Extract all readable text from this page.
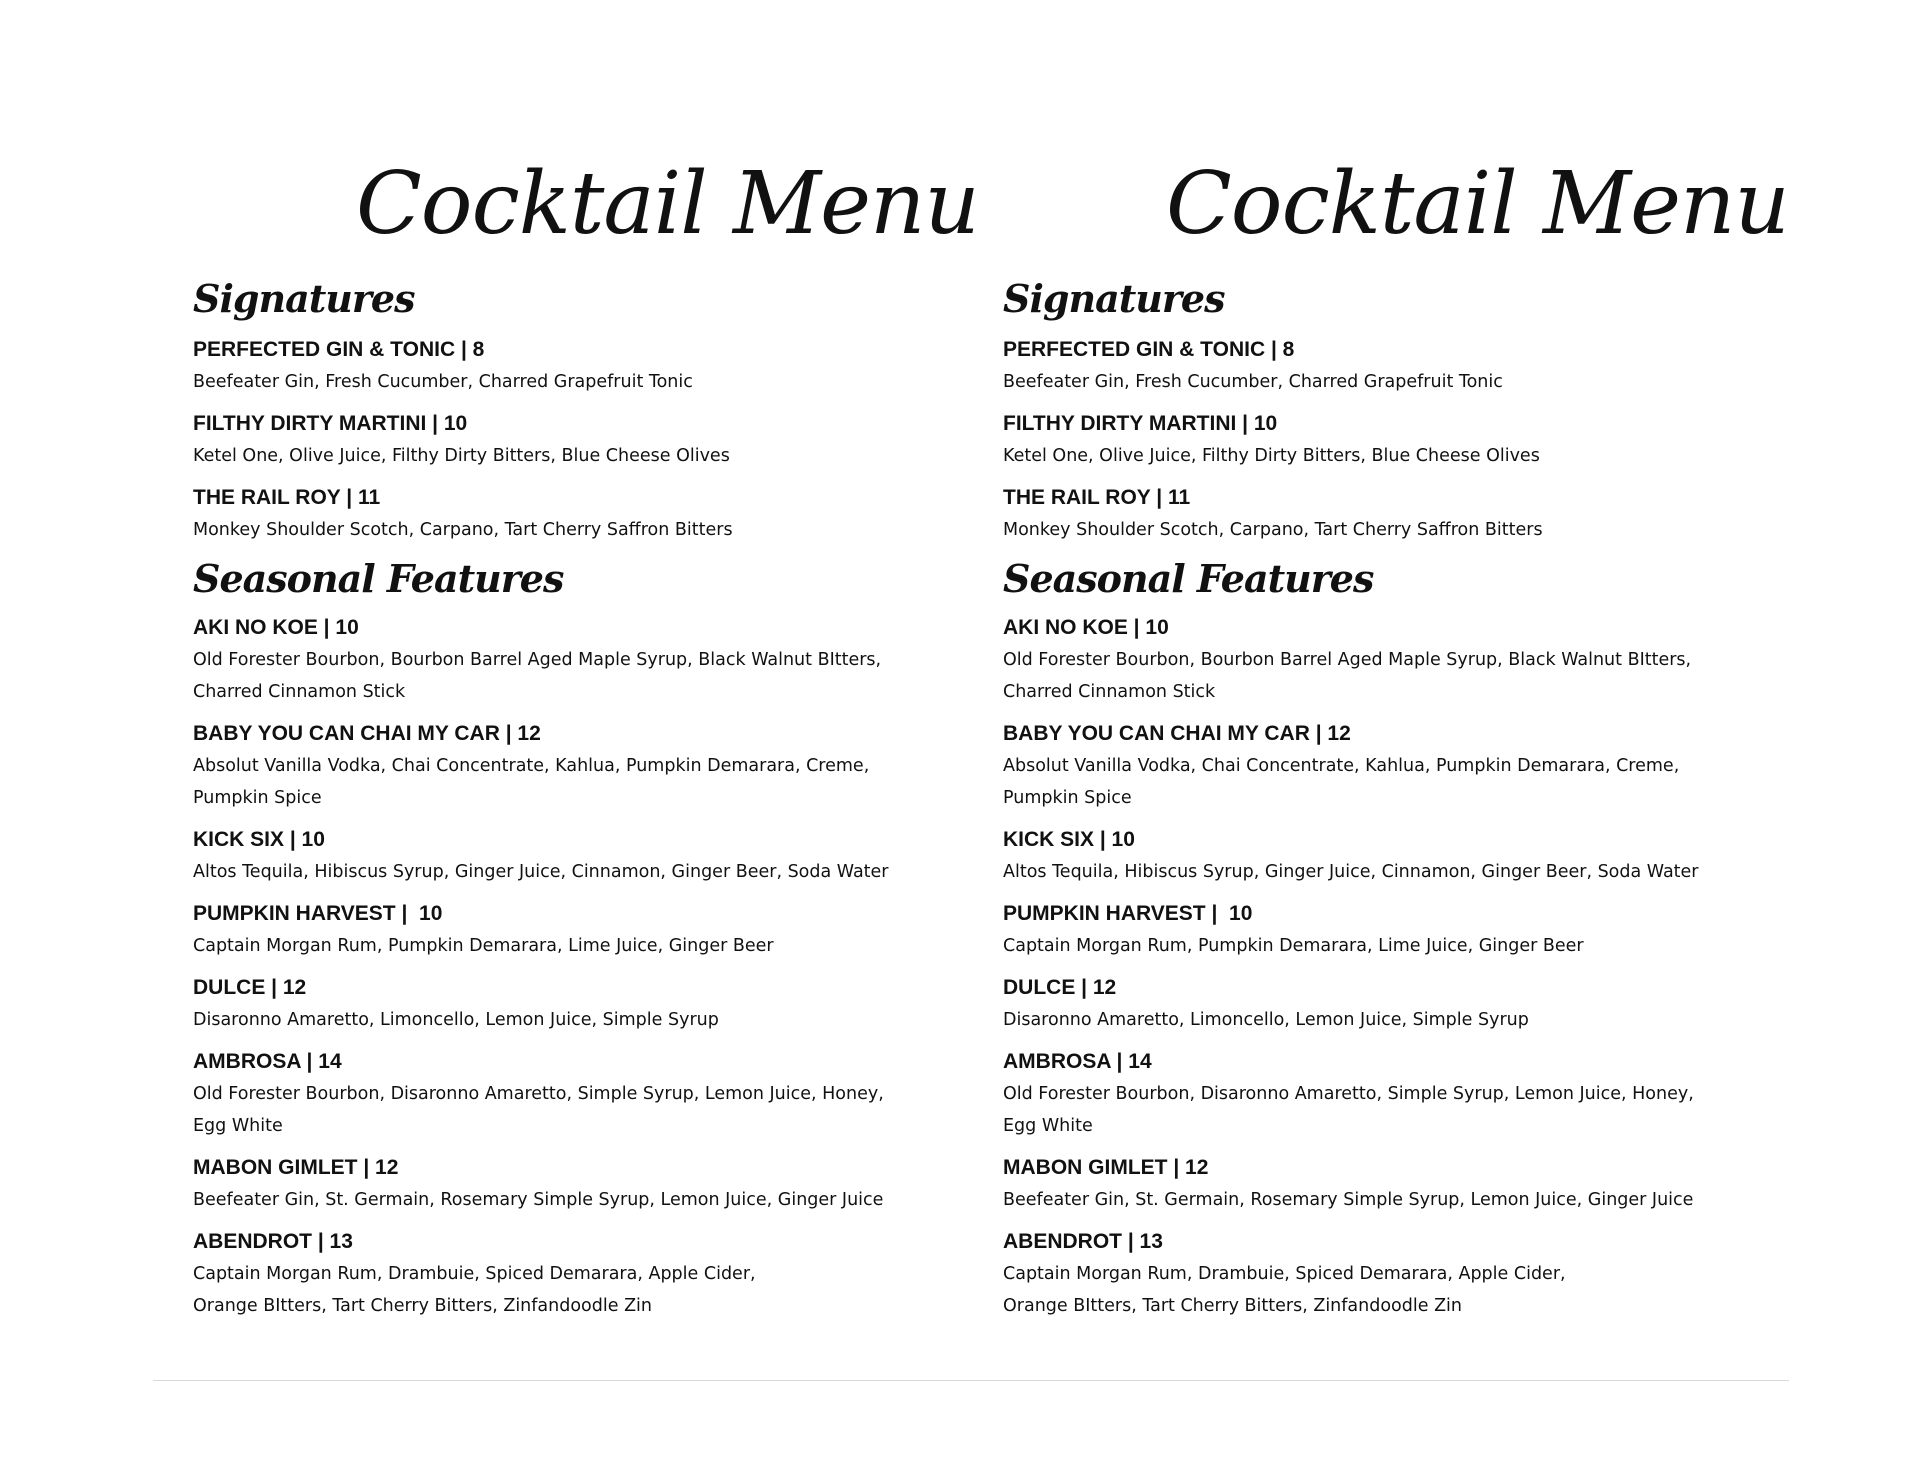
Cocktail Menu
Signatures
PERFECTED GIN & TONIC | 8
Beefeater Gin, Fresh Cucumber, Charred Grapefruit Tonic
FILTHY DIRTY MARTINI | 10
Ketel One, Olive Juice, Filthy Dirty Bitters, Blue Cheese Olives
THE RAIL ROY | 11
Monkey Shoulder Scotch, Carpano, Tart Cherry Saffron Bitters
Seasonal Features
AKI NO KOE | 10
Old Forester Bourbon, Bourbon Barrel Aged Maple Syrup, Black Walnut BItters,
Charred Cinnamon Stick
BABY YOU CAN CHAI MY CAR | 12
Absolut Vanilla Vodka, Chai Concentrate, Kahlua, Pumpkin Demarara, Creme,
Pumpkin Spice
KICK SIX | 10
Altos Tequila, Hibiscus Syrup, Ginger Juice, Cinnamon, Ginger Beer, Soda Water
PUMPKIN HARVEST |  10
Captain Morgan Rum, Pumpkin Demarara, Lime Juice, Ginger Beer
DULCE | 12
Disaronno Amaretto, Limoncello, Lemon Juice, Simple Syrup
AMBROSA | 14
Old Forester Bourbon, Disaronno Amaretto, Simple Syrup, Lemon Juice, Honey,
Egg White
MABON GIMLET | 12
Beefeater Gin, St. Germain, Rosemary Simple Syrup, Lemon Juice, Ginger Juice
ABENDROT | 13
Captain Morgan Rum, Drambuie, Spiced Demarara, Apple Cider,
Orange BItters, Tart Cherry Bitters, Zinfandoodle Zin
Cocktail Menu
Signatures
PERFECTED GIN & TONIC | 8
Beefeater Gin, Fresh Cucumber, Charred Grapefruit Tonic
FILTHY DIRTY MARTINI | 10
Ketel One, Olive Juice, Filthy Dirty Bitters, Blue Cheese Olives
THE RAIL ROY | 11
Monkey Shoulder Scotch, Carpano, Tart Cherry Saffron Bitters
Seasonal Features
AKI NO KOE | 10
Old Forester Bourbon, Bourbon Barrel Aged Maple Syrup, Black Walnut BItters,
Charred Cinnamon Stick
BABY YOU CAN CHAI MY CAR | 12
Absolut Vanilla Vodka, Chai Concentrate, Kahlua, Pumpkin Demarara, Creme,
Pumpkin Spice
KICK SIX | 10
Altos Tequila, Hibiscus Syrup, Ginger Juice, Cinnamon, Ginger Beer, Soda Water
PUMPKIN HARVEST |  10
Captain Morgan Rum, Pumpkin Demarara, Lime Juice, Ginger Beer
DULCE | 12
Disaronno Amaretto, Limoncello, Lemon Juice, Simple Syrup
AMBROSA | 14
Old Forester Bourbon, Disaronno Amaretto, Simple Syrup, Lemon Juice, Honey,
Egg White
MABON GIMLET | 12
Beefeater Gin, St. Germain, Rosemary Simple Syrup, Lemon Juice, Ginger Juice
ABENDROT | 13
Captain Morgan Rum, Drambuie, Spiced Demarara, Apple Cider,
Orange BItters, Tart Cherry Bitters, Zinfandoodle Zin
